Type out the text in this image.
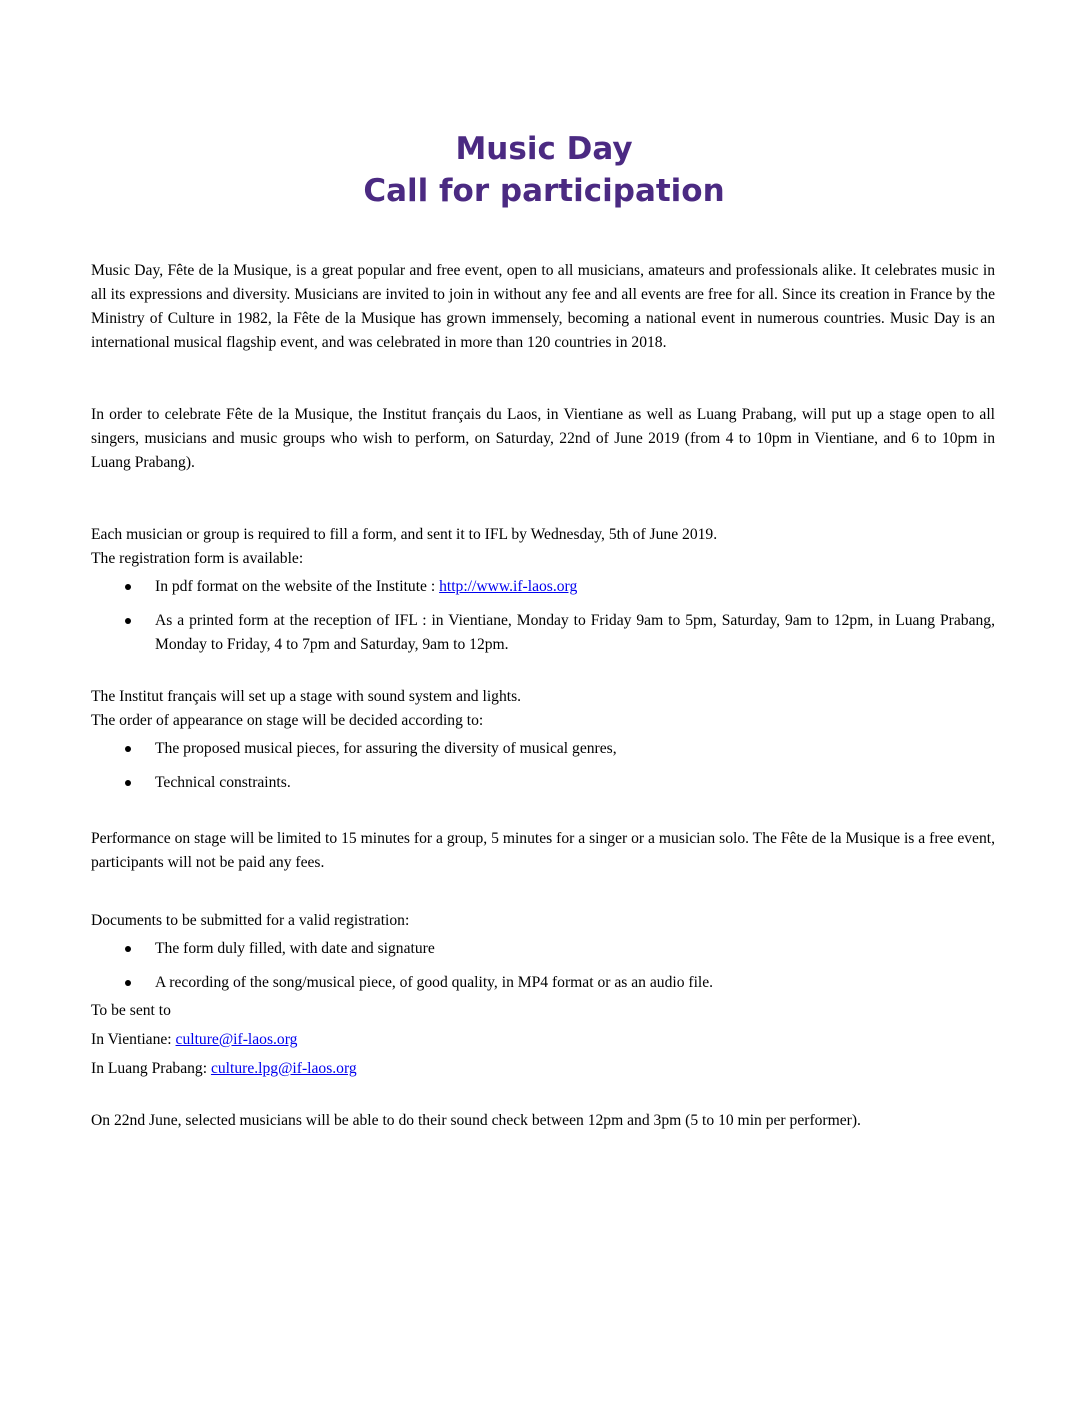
Music Day
Call for participation

Music Day, Fête de la Musique, is a great popular and free event, open to all musicians, amateurs and professionals alike. It celebrates music in all its expressions and diversity. Musicians are invited to join in without any fee and all events are free for all. Since its creation in France by the Ministry of Culture in 1982, la Fête de la Musique has grown immensely, becoming a national event in numerous countries. Music Day is an international musical flagship event, and was celebrated in more than 120 countries in 2018.

In order to celebrate Fête de la Musique, the Institut français du Laos, in Vientiane as well as Luang Prabang, will put up a stage open to all singers, musicians and music groups who wish to perform, on Saturday, 22nd of June 2019 (from 4 to 10pm in Vientiane, and 6 to 10pm in Luang Prabang).

Each musician or group is required to fill a form, and sent it to IFL by Wednesday, 5th of June 2019.

The registration form is available:

In pdf format on the website of the Institute : http://www.if-laos.org
As a printed form at the reception of IFL : in Vientiane, Monday to Friday 9am to 5pm, Saturday, 9am to 12pm, in Luang Prabang, Monday to Friday, 4 to 7pm and Saturday, 9am to 12pm.

The Institut français will set up a stage with sound system and lights.

The order of appearance on stage will be decided according to:

The proposed musical pieces, for assuring the diversity of musical genres,
Technical constraints.

Performance on stage will be limited to 15 minutes for a group, 5 minutes for a singer or a musician solo. The Fête de la Musique is a free event, participants will not be paid any fees.

Documents to be submitted for a valid registration:

The form duly filled, with date and signature
A recording of the song/musical piece, of good quality, in MP4 format or as an audio file.

To be sent to

In Vientiane: culture@if-laos.org

In Luang Prabang: culture.lpg@if-laos.org

On 22nd June, selected musicians will be able to do their sound check between 12pm and 3pm (5 to 10 min per performer).
